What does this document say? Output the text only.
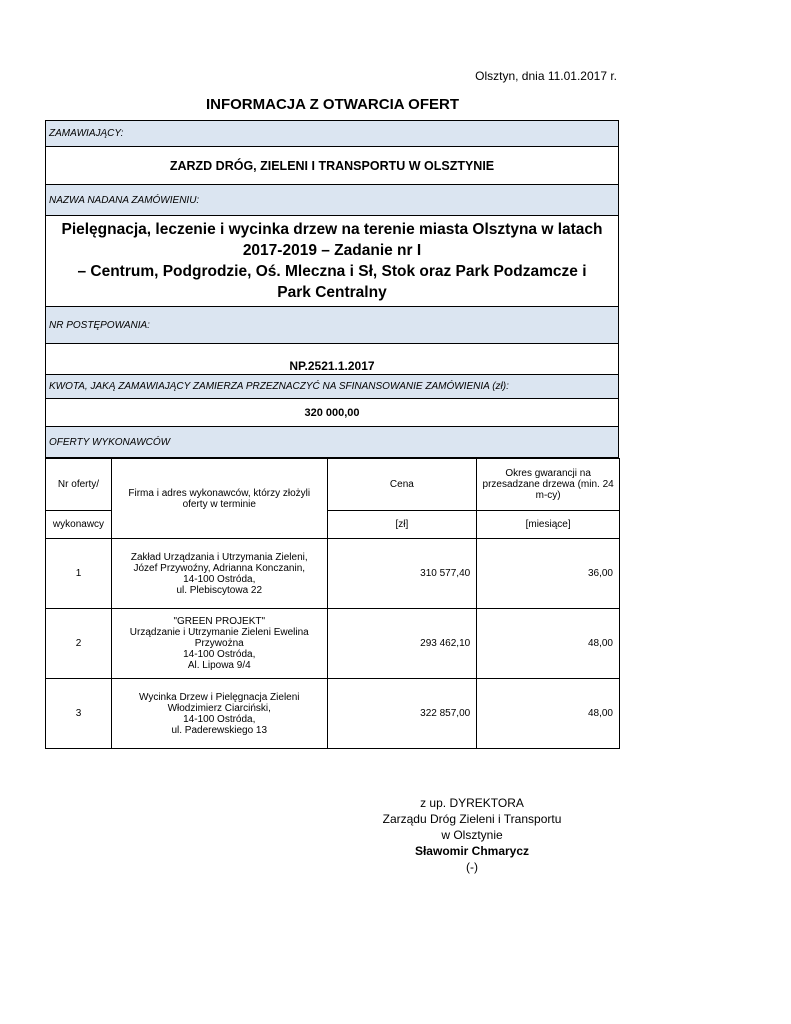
Olsztyn, dnia 11.01.2017 r.
INFORMACJA Z OTWARCIA OFERT
ZAMAWIAJĄCY:
ZARZD DRÓG, ZIELENI I TRANSPORTU W OLSZTYNIE
NAZWA NADANA ZAMÓWIENIU:
Pielęgnacja, leczenie i wycinka drzew na terenie miasta Olsztyna w latach
2017-2019 – Zadanie nr I
– Centrum, Podgrodzie, Oś. Mleczna i Sł, Stok oraz Park Podzamcze i
Park Centralny
NR POSTĘPOWANIA:
NP.2521.1.2017
KWOTA, JAKĄ ZAMAWIAJĄCY ZAMIERZA PRZEZNACZYĆ NA SFINANSOWANIE ZAMÓWIENIA (zł):
320 000,00
OFERTY WYKONAWCÓW
Nr oferty/	Firma i adres wykonawców, którzy złożyli oferty w terminie	Cena	Okres gwarancji na przesadzane drzewa (min. 24 m-cy)
wykonawcy		[zł]	[miesiące]
1	Zakład Urządzania i Utrzymania Zieleni,
Józef Przywoźny, Adrianna Konczanin,
14-100 Ostróda,
ul. Plebiscytowa 22	310 577,40	36,00
2	"GREEN PROJEKT"
Urządzanie i Utrzymanie Zieleni Ewelina
Przywożna
14-100 Ostróda,
Al. Lipowa 9/4	293 462,10	48,00
3	Wycinka Drzew i Pielęgnacja Zieleni
Włodzimierz Ciarciński,
14-100 Ostróda,
ul. Paderewskiego 13	322 857,00	48,00
z up. DYREKTORA
Zarządu Dróg Zieleni i Transportu
w Olsztynie
Sławomir Chmarycz
(-)
